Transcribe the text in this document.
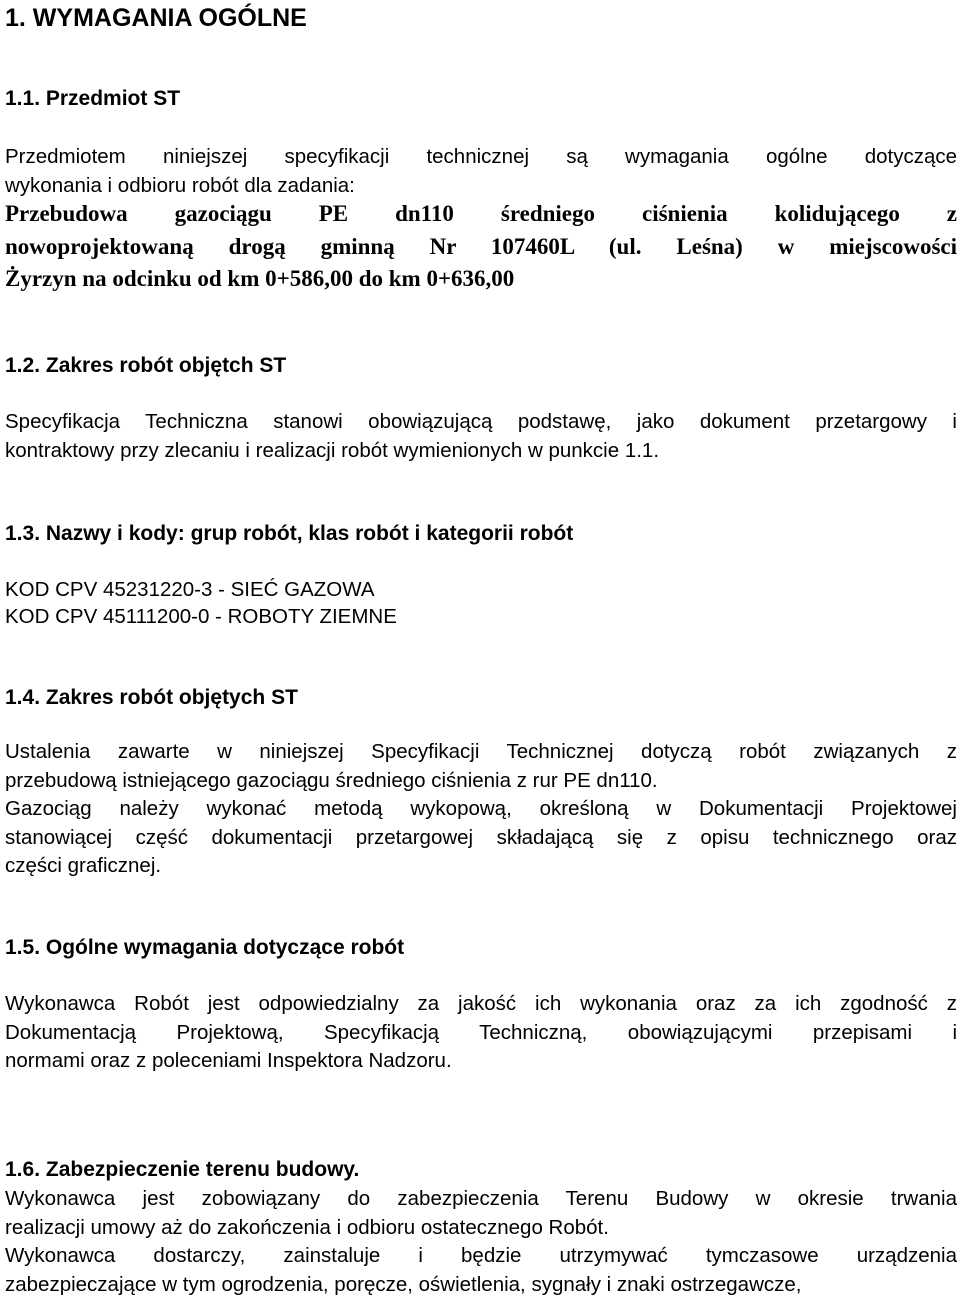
1. WYMAGANIA OGÓLNE
1.1. Przedmiot ST
Przedmiotem niniejszej specyfikacji technicznej są wymagania ogólne dotyczące
wykonania i odbioru robót dla zadania:
Przebudowa gazociągu PE dn110 średniego ciśnienia kolidującego z
nowoprojektowaną drogą gminną Nr 107460L (ul. Leśna) w miejscowości
Żyrzyn na odcinku od km 0+586,00 do km 0+636,00
1.2. Zakres robót objętch ST
Specyfikacja Techniczna stanowi obowiązującą podstawę, jako dokument przetargowy i
kontraktowy przy zlecaniu i realizacji robót wymienionych w punkcie 1.1.
1.3. Nazwy i kody: grup robót, klas robót i kategorii robót
KOD CPV 45231220-3 - SIEĆ GAZOWA
KOD CPV 45111200-0 - ROBOTY ZIEMNE
1.4. Zakres robót objętych ST
Ustalenia zawarte w niniejszej Specyfikacji Technicznej dotyczą robót związanych z
przebudową istniejącego gazociągu średniego ciśnienia z rur PE dn110.
Gazociąg należy wykonać metodą wykopową, określoną w Dokumentacji Projektowej
stanowiącej część dokumentacji przetargowej składającą się z opisu technicznego oraz
części graficznej.
1.5. Ogólne wymagania dotyczące robót
Wykonawca Robót jest odpowiedzialny za jakość ich wykonania oraz za ich zgodność z
Dokumentacją Projektową, Specyfikacją Techniczną, obowiązującymi przepisami i
normami oraz z poleceniami Inspektora Nadzoru.
1.6. Zabezpieczenie terenu budowy.
Wykonawca jest zobowiązany do zabezpieczenia Terenu Budowy w okresie trwania
realizacji umowy aż do zakończenia i odbioru ostatecznego Robót.
Wykonawca dostarczy, zainstaluje i będzie utrzymywać tymczasowe urządzenia
zabezpieczające w tym ogrodzenia, poręcze, oświetlenia, sygnały i znaki ostrzegawcze,
